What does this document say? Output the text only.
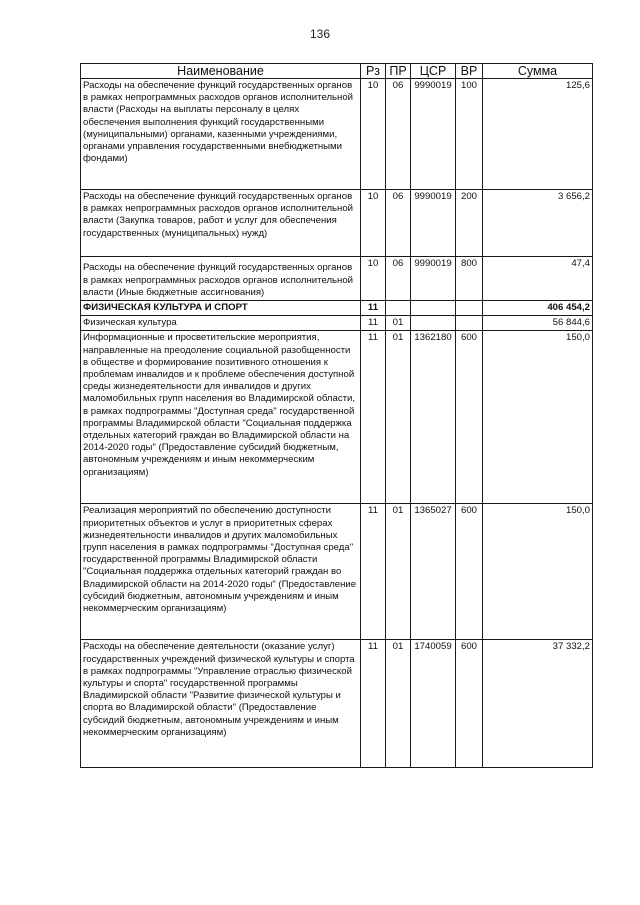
136
Наименование	Рз	ПР	ЦСР	ВР	Сумма
Расходы на обеспечение функций государственных органов в рамках непрограммных расходов органов исполнительной власти (Расходы на выплаты персоналу в целях обеспечения выполнения функций государственными (муниципальными) органами, казенными учреждениями, органами управления государственными внебюджетными фондами)	10	06	9990019	100	125,6
Расходы на обеспечение функций государственных органов в рамках непрограммных расходов органов исполнительной власти (Закупка товаров, работ и услуг для обеспечения государственных (муниципальных) нужд)	10	06	9990019	200	3 656,2
Расходы на обеспечение функций государственных органов в рамках непрограммных расходов органов исполнительной власти (Иные бюджетные ассигнования)	10	06	9990019	800	47,4
ФИЗИЧЕСКАЯ КУЛЬТУРА И СПОРТ	11				406 454,2
Физическая культура	11	01			56 844,6
Информационные и просветительские мероприятия, направленные на преодоление социальной разобщенности в обществе и формирование позитивного отношения к проблемам инвалидов и к проблеме обеспечения доступной среды жизнедеятельности для инвалидов и других маломобильных групп населения во Владимирской области, в рамках подпрограммы "Доступная среда" государственной программы Владимирской области "Социальная поддержка отдельных категорий граждан во Владимирской области на 2014-2020 годы" (Предоставление субсидий бюджетным, автономным учреждениям и иным некоммерческим организациям)	11	01	1362180	600	150,0
Реализация мероприятий по обеспечению доступности приоритетных объектов и услуг в приоритетных сферах жизнедеятельности инвалидов и других маломобильных групп населения в рамках подпрограммы "Доступная среда" государственной программы Владимирской области "Социальная поддержка отдельных категорий граждан во Владимирской области на 2014-2020 годы" (Предоставление субсидий бюджетным, автономным учреждениям и иным некоммерческим организациям)	11	01	1365027	600	150,0
Расходы на обеспечение деятельности (оказание услуг) государственных учреждений физической культуры и спорта в рамках подпрограммы "Управление отраслью физической культуры и спорта" государственной программы Владимирской области "Развитие физической культуры и спорта во Владимирской области" (Предоставление субсидий бюджетным, автономным учреждениям и иным некоммерческим организациям)	11	01	1740059	600	37 332,2
